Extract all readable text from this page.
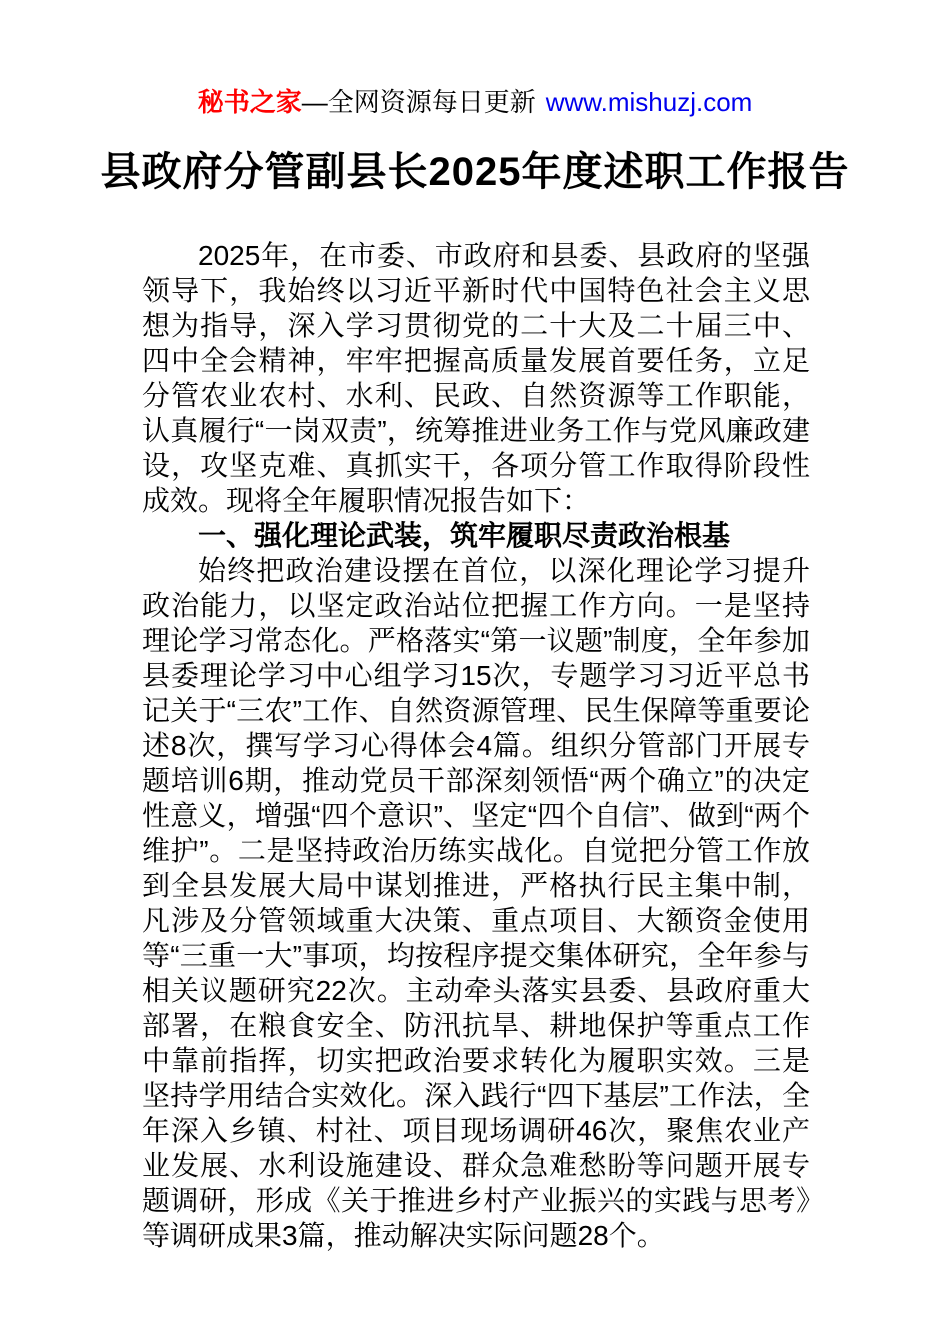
秘书之家—全网资源每日更新 www.mishuzj.com
县政府分管副县长2025年度述职工作报告

2025年，在市委、市政府和县委、县政府的坚强领导下，我始终以习近平新时代中国特色社会主义思想为指导，深入学习贯彻党的二十大及二十届三中、四中全会精神，牢牢把握高质量发展首要任务，立足分管农业农村、水利、民政、自然资源等工作职能，认真履行“一岗双责”，统筹推进业务工作与党风廉政建设，攻坚克难、真抓实干，各项分管工作取得阶段性成效。现将全年履职情况报告如下：

一、强化理论武装，筑牢履职尽责政治根基

始终把政治建设摆在首位，以深化理论学习提升政治能力，以坚定政治站位把握工作方向。一是坚持理论学习常态化。严格落实“第一议题”制度，全年参加县委理论学习中心组学习15次，专题学习习近平总书记关于“三农”工作、自然资源管理、民生保障等重要论述8次，撰写学习心得体会4篇。组织分管部门开展专题培训6期，推动党员干部深刻领悟“两个确立”的决定性意义，增强“四个意识”、坚定“四个自信”、做到“两个维护”。二是坚持政治历练实战化。自觉把分管工作放到全县发展大局中谋划推进，严格执行民主集中制，凡涉及分管领域重大决策、重点项目、大额资金使用等“三重一大”事项，均按程序提交集体研究，全年参与相关议题研究22次。主动牵头落实县委、县政府重大部署，在粮食安全、防汛抗旱、耕地保护等重点工作中靠前指挥，切实把政治要求转化为履职实效。三是坚持学用结合实效化。深入践行“四下基层”工作法，全年深入乡镇、村社、项目现场调研46次，聚焦农业产业发展、水利设施建设、群众急难愁盼等问题开展专题调研，形成《关于推进乡村产业振兴的实践与思考》等调研成果3篇，推动解决实际问题28个。
